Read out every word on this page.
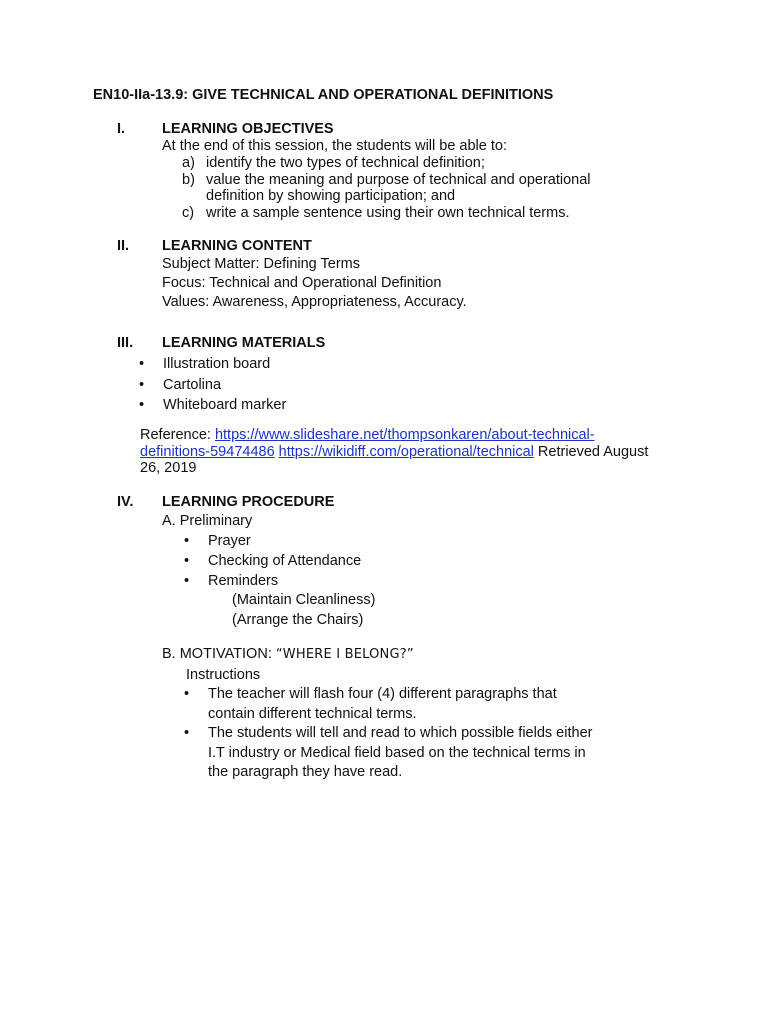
EN10-IIa-13.9: GIVE TECHNICAL AND OPERATIONAL DEFINITIONS
I.	LEARNING OBJECTIVES
At the end of this session, the students will be able to:
a) identify the two types of technical definition;
b) value the meaning and purpose of technical and operational definition by showing participation; and
c) write a sample sentence using their own technical terms.
II.	LEARNING CONTENT
Subject Matter: Defining Terms
Focus: Technical and Operational Definition
Values: Awareness, Appropriateness, Accuracy.
III.	LEARNING MATERIALS
•	Illustration board
•	Cartolina
•	Whiteboard marker
Reference: https://www.slideshare.net/thompsonkaren/about-technical-definitions-59474486 https://wikidiff.com/operational/technical Retrieved August 26, 2019
IV.	LEARNING PROCEDURE
A. Preliminary
•	Prayer
•	Checking of Attendance
•	Reminders
(Maintain Cleanliness)
(Arrange the Chairs)
B. MOTIVATION: “WHERE I BELONG?”
Instructions
•	The teacher will flash four (4) different paragraphs that contain different technical terms.
•	The students will tell and read to which possible fields either I.T industry or Medical field based on the technical terms in the paragraph they have read.
